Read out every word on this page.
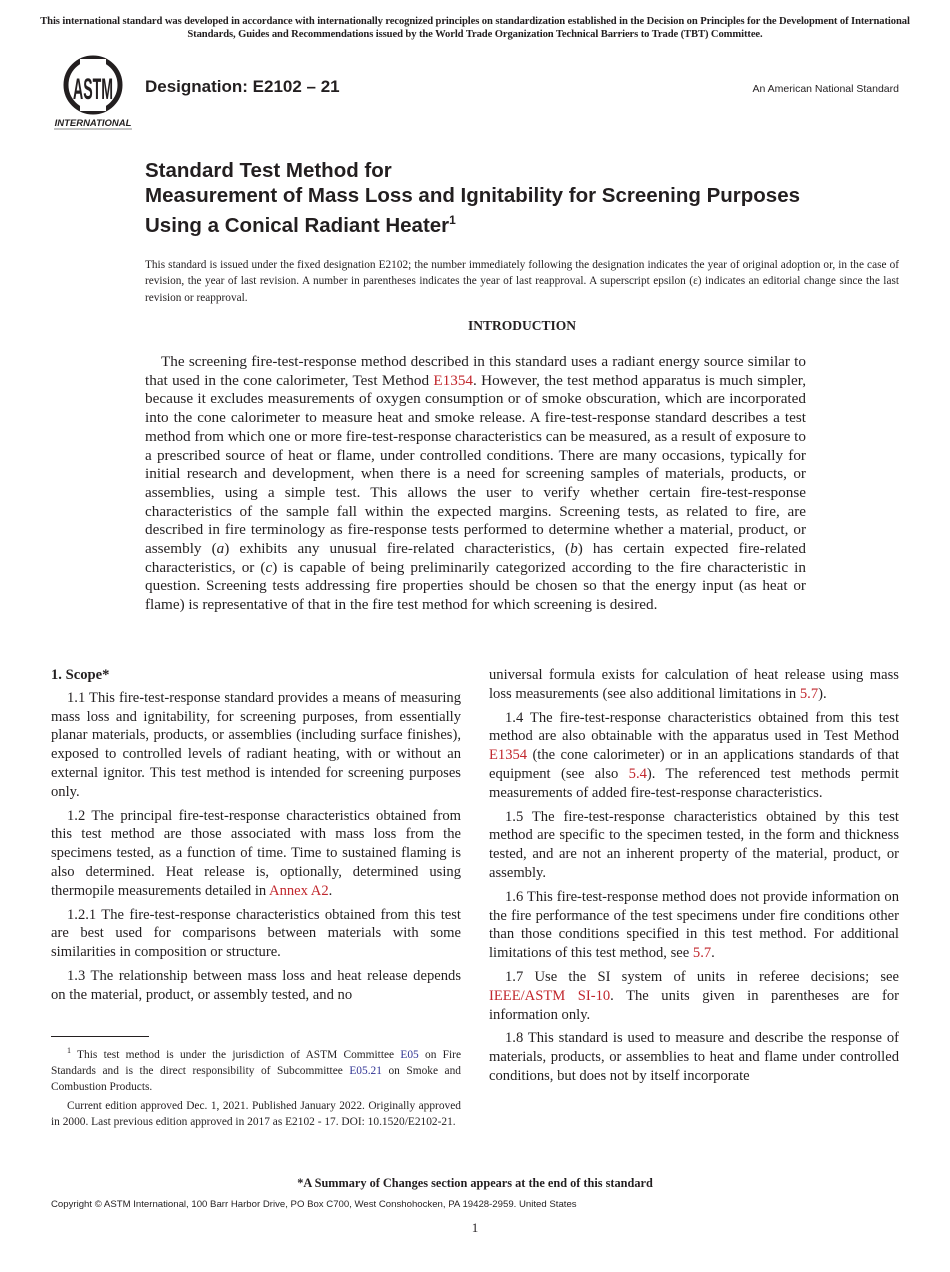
This international standard was developed in accordance with internationally recognized principles on standardization established in the Decision on Principles for the Development of International Standards, Guides and Recommendations issued by the World Trade Organization Technical Barriers to Trade (TBT) Committee.
ASTM
INTERNATIONAL
Designation: E2102 – 21	An American National Standard
Standard Test Method for
Measurement of Mass Loss and Ignitability for Screening Purposes Using a Conical Radiant Heater$^1$
This standard is issued under the fixed designation E2102; the number immediately following the designation indicates the year of original adoption or, in the case of revision, the year of last revision. A number in parentheses indicates the year of last reapproval. A superscript epsilon (ε) indicates an editorial change since the last revision or reapproval.
INTRODUCTION

The screening fire-test-response method described in this standard uses a radiant energy source similar to that used in the cone calorimeter, Test Method E1354. However, the test method apparatus is much simpler, because it excludes measurements of oxygen consumption or of smoke obscuration, which are incorporated into the cone calorimeter to measure heat and smoke release. A fire-test-response standard describes a test method from which one or more fire-test-response characteristics can be measured, as a result of exposure to a prescribed source of heat or flame, under controlled conditions. There are many occasions, typically for initial research and development, when there is a need for screening samples of materials, products, or assemblies, using a simple test. This allows the user to verify whether certain fire-test-response characteristics of the sample fall within the expected margins. Screening tests, as related to fire, are described in fire terminology as fire-response tests performed to determine whether a material, product, or assembly (a) exhibits any unusual fire-related characteristics, (b) has certain expected fire-related characteristics, or (c) is capable of being preliminarily categorized according to the fire characteristic in question. Screening tests addressing fire properties should be chosen so that the energy input (as heat or flame) is representative of that in the fire test method for which screening is desired.

1. Scope*

1.1 This fire-test-response standard provides a means of measuring mass loss and ignitability, for screening purposes, from essentially planar materials, products, or assemblies (including surface finishes), exposed to controlled levels of radiant heating, with or without an external ignitor. This test method is intended for screening purposes only.

1.2 The principal fire-test-response characteristics obtained from this test method are those associated with mass loss from the specimens tested, as a function of time. Time to sustained flaming is also determined. Heat release is, optionally, determined using thermopile measurements detailed in Annex A2.

1.2.1 The fire-test-response characteristics obtained from this test are best used for comparisons between materials with some similarities in composition or structure.

1.3 The relationship between mass loss and heat release depends on the material, product, or assembly tested, and no

universal formula exists for calculation of heat release using mass loss measurements (see also additional limitations in 5.7).

1.4 The fire-test-response characteristics obtained from this test method are also obtainable with the apparatus used in Test Method E1354 (the cone calorimeter) or in an applications standards of that equipment (see also 5.4). The referenced test methods permit measurements of added fire-test-response characteristics.

1.5 The fire-test-response characteristics obtained by this test method are specific to the specimen tested, in the form and thickness tested, and are not an inherent property of the material, product, or assembly.

1.6 This fire-test-response method does not provide information on the fire performance of the test specimens under fire conditions other than those conditions specified in this test method. For additional limitations of this test method, see 5.7.

1.7 Use the SI system of units in referee decisions; see IEEE/ASTM SI-10. The units given in parentheses are for information only.

1.8 This standard is used to measure and describe the response of materials, products, or assemblies to heat and flame under controlled conditions, but does not by itself incorporate

$^1$ This test method is under the jurisdiction of ASTM Committee E05 on Fire Standards and is the direct responsibility of Subcommittee E05.21 on Smoke and Combustion Products.

Current edition approved Dec. 1, 2021. Published January 2022. Originally approved in 2000. Last previous edition approved in 2017 as E2102 - 17. DOI: 10.1520/E2102-21.

*A Summary of Changes section appears at the end of this standard
Copyright © ASTM International, 100 Barr Harbor Drive, PO Box C700, West Conshohocken, PA 19428-2959. United States
1
